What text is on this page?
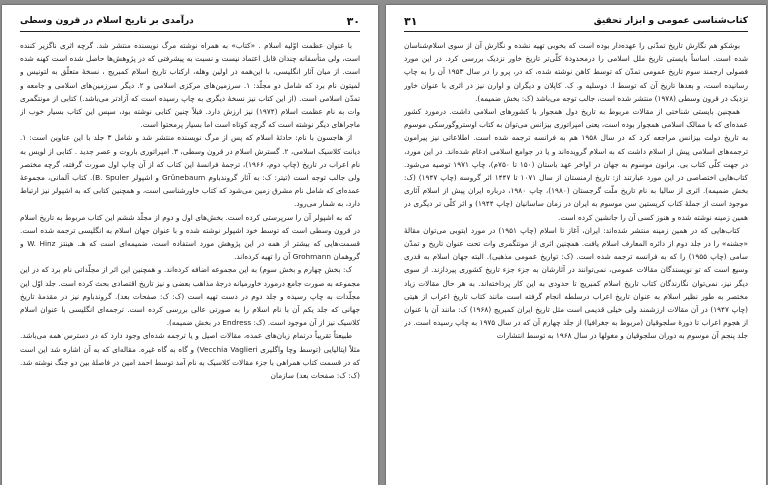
۳۰
درآمدی بر تاریخ اسلام در قرون وسطی

با عنوان عظمت اوّلیه اسلام . «کتاب» به همراه نوشته مرگ نویسنده منتشر شد. گرچه اثری ناگزیر کننده است، ولی متأسفانه چندان قابل اعتماد نیست و نسبت به پیشرفتی که در پژوهش‌ها حاصل شده است کهنه شده است. از میان آثار انگلیسی، با این‌همه در اولین وهله، ارکتاب تاریخ اسلام کمبریج ، نسخهٔ متعلّق به لتونیس و لمیتون نام برد که شامل دو مجلّد: ۱. سرزمین‌های مرکزی اسلامی و ۲. دیگر سرزمین‌های اسلامی و جامعه و تمدّن اسلامی است. (از این کتاب نیز نسخهٔ دیگری به چاپ رسیده است که آزادتر می‌باشد.) کتابی از مونتگمری وات به نام عظمت اسلام (۱۹۷۴) نیز ارزش دارد. قبلاً چنین کتابی نوشته بود، سپس این کتاب بسیار خوب از ماجراهای دیگر نوشته است که گرچه کوتاه است اما بسیار پرمحتوا است.

از هاجسون با نام: حادثهٔ اسلام که پس از مرگ نویسنده منتشر شد و شامل ۳ جلد با این عناوین است: ۱. دیانت کلاسیک اسلامی، ۲. گسترش اسلام در قرون وسطی، ۳. امپراتوری باروت و عصر جدید . کتابی از لویس به نام اعراب در تاریخ (چاپ دوم، ۱۹۶۶)، ترجمهٔ فرانسهٔ این کتاب که از آن چاپ اول صورت گرفته، گرچه مختصر ولی جالب توجه است (تیتر: ک: به آثار گروندباوم Grünebaum و اشپولر B. Spuler). کتاب آلمانی، مجموعهٔ عمده‌ای که شامل نام مشرق زمین می‌شود که کتاب خاورشناسی است، و همچنین کتابی که به اشپولر نیز ارتباط دارد، به شمار می‌رود.

که به اشپولر آن را سرپرستی کرده است. بخش‌های اول و دوم از مجلّد ششم این کتاب مربوط به تاریخ اسلام در قرون وسطی است که توسط خود اشپولر نوشته شده و با عنوان جهان اسلام به انگلیسی ترجمه شده است. قسمت‌هایی که بیشتر از همه در این پژوهش مورد استفاده است، ضمیمه‌ای است که هـ. هینتز W. Hinz و گروهمان Grohmann آن را تهیه کرده‌اند.

ک: بخش چهارم و بخش سوم) به این مجموعه اضافه کرده‌اند. و همچنین این اثر از مجلّداتی نام برد که در این مجموعه به صورت جامع درمورد خاورمیانه درجهٔ مذاهب بعضی و نیز تاریخ اقتصادی بحث کرده است. جلد اوّل این مجلّدات به چاپ رسیده و جلد دوم در دست تهیه است (ک: ک: صفحات بعد). گروندباوم نیز در مقدمهٔ تاریخ جهانی که جلد یکم آن با نام اسلام را به صورتی عالی بررسی کرده است. ترجمه‌ای انگلیسی با عنوان اسلام کلاسیک نیز از آن موجود است. (ک: Endress در بخش ضمیمه).

طبیعتاً تقریباً درتمام زبان‌های عمده، مقالات اصیل و یا ترجمه شده‌ای وجود دارد که در دسترس همه می‌باشد. مثلاً ایتالیایی (توسط وچا واگلیری Vecchia Vaglieri) و گاه به گاه غیره. مقاله‌ای که به آن اشاره شد این است که در قسمت کتاب همراهی با جزء مقالات کلاسیک به نام آمد توسط احمد امین در فاصلهٔ بین دو جنگ نوشته شد. (ک: ک: صفحات بعد) سازمان

۳۱	کتاب‌شناسی عمومی و ابزار تحقیق

بوشکو هم نگارش تاریخ تمدّنی را عهده‌دار بوده است که بخوبی تهیه نشده و نگارش آن از سوی اسلام‌شناسان شده است. اساساً بایستی تاریخ ملل اسلامی را درمحدودهٔ کلّی‌تر تاریخ خاور نزدیک بررسی کرد. در این مورد فصولی ارجمند سوم تاریخ عمومی تمدّن که توسط کاهن نوشته شده، که در، پرو را در سال ۱۹۵۳ آن را به چاپ رسانیده است، و بعد‌ها تاریخ آن که توسط ا. دوسلیه و. ک. کاپلان و دیگران و اوارن نیز در اثری با عنوان خاور نزدیک در قرون وسطی (۱۹۷۸) منتشر شده است، جالب توجه می‌باشد (ک: بخش ضمیمه).

همچنین بایستی شناختی از مقالات مربوط به تاریخ دول همجوار با کشورهای اسلامی داشت. درمورد کشور عمده‌ای که با ممالک اسلامی همجوار بوده است، یعنی امپراتوری بیزانس می‌توان به کتاب اوستروگورسکی موسوم به تاریخ دولت بیزانس مراجعه کرد که در سال ۱۹۵۸ هم به فرانسه ترجمه شده است. اطلاعاتی نیز پیرامون ترجمه‌های اسلامی پیش از اسلام داشت که به اسلام گرویده‌اند و یا در جوامع اسلامی ادغام شده‌اند. در این مورد، در جهت کلّی کتاب بی. برانون موسوم به جهان در اواخر عهد باستان (۱۵۰ تا ۷۵۰م)، چاپ ۱۹۷۱ توصیه می‌شود. کتاب‌هایی اختصاصی در این مورد عبارتند از: تاریخ ارمنستان از سال ۱۰۷۱ تا ۱۴۴۷ اثر گروسه (چاپ ۱۹۴۷) (ک: بخش ضمیمه). اثری از سالیا به نام تاریخ ملّت گرجستان (۱۹۸۰)، چاپ ۱۹۸۰، درباره ایران پیش از اسلام آثاری موجود است از جملهٔ کتاب کریستین سن موسوم به ایران در زمان ساسانیان (چاپ ۱۹۴۴) و اثر کلّی تر دیگری در همین زمینه نوشته شده و هنوز کسی آن را جانشین کرده است.

کتاب‌هایی که در همین زمینه منتشر شده‌اند: ایران، آغاز تا اسلام (چاپ ۱۹۵۱) در مورد ایتوبی می‌توان مقالهٔ «جشنه» را در جلد دوم از دائره المعارف اسلام یافت. همچنین اثری از مونتگمری وات تحت عنوان تاریخ و تمدّن سامی (چاپ ۱۹۵۵) را که به فرانسه ترجمه شده است. (ک: تواریخ عمومی مذهبی). البته جهان اسلام به قدری وسیع است که تو نویسندگان مقالات عمومی، نمی‌توانند در آثارشان به جزء جزء تاریخ کشوری پیردازند. از سوی دیگر نیز، نمی‌توان نگارندگان کتاب تاریخ اسلام کمبریج تا حدودی به این کار پرداخته‌اند. به هر حال مقالات زیاد مختصر به طور نظیر اسلام به عنوان تاریخ اعراب درسلطه انجام گرفته است مانند کتاب تاریخ اعراب از هیتی (چاپ ۱۹۴۷) در آن مقالات ارزشمند ولی خیلی قدیمی است مثل تاریخ ایران کمبریج (۱۹۶۸) ک: مانند آن با عنوان از هجوم اعراب تا دورهٔ سلجوقیان (مربوط به جغرافیا) از جلد چهارم آن که در سال ۱۹۷۵ به چاپ رسیده است. در جلد پنجم آن موسوم به دوران سلجوقیان و مغولها در سال ۱۹۶۸ به توسط انتشارات
